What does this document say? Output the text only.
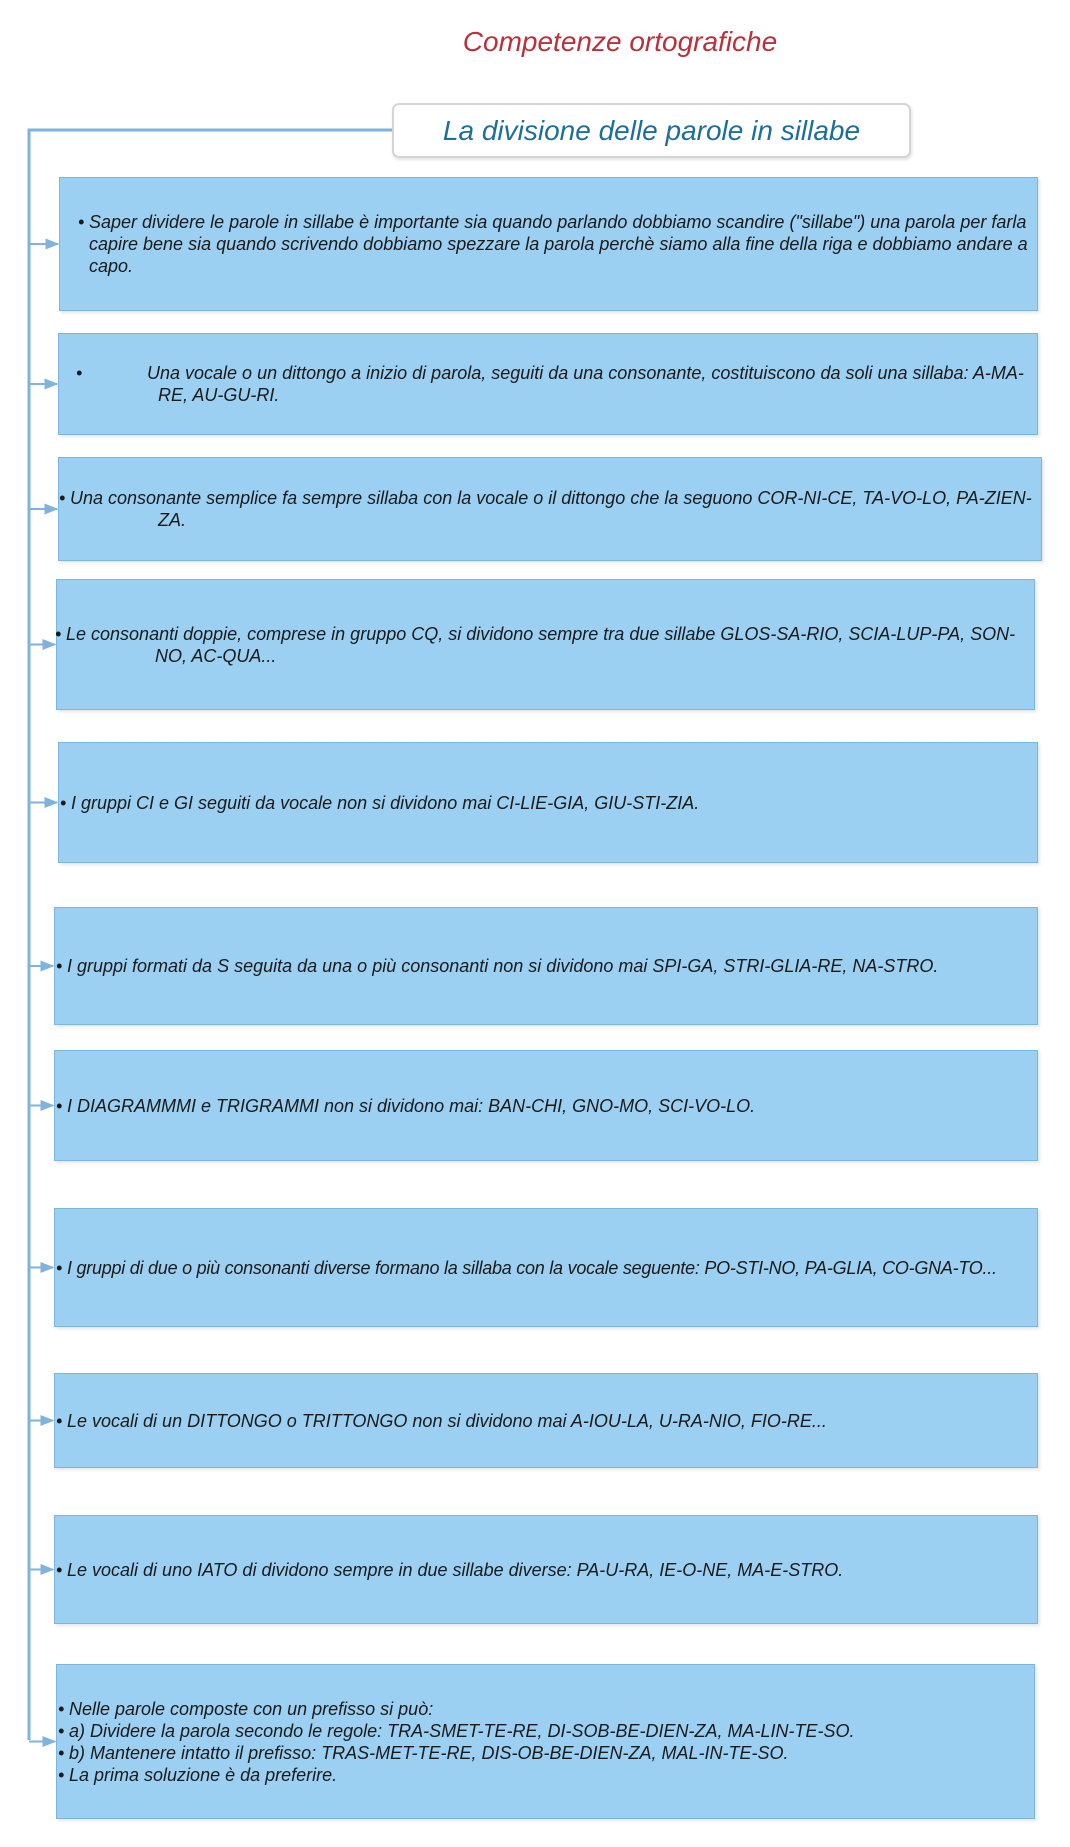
Competenze ortografiche
La divisione delle parole in sillabe
• Saper dividere le parole in sillabe è importante sia quando parlando dobbiamo scandire ("sillabe") una parola per farla capire bene sia quando scrivendo dobbiamo spezzare la parola perchè siamo alla fine della riga e dobbiamo andare a capo.
•	Una vocale o un dittongo a inizio di parola, seguiti da una consonante, costituiscono da soli una sillaba: A-MA-RE, AU-GU-RI.
• Una consonante semplice fa sempre sillaba con la vocale o il dittongo che la seguono COR-NI-CE, TA-VO-LO, PA-ZIEN-ZA.
• Le consonanti doppie, comprese in gruppo CQ, si dividono sempre tra due sillabe GLOS-SA-RIO, SCIA-LUP-PA, SON-NO, AC-QUA...
• I gruppi CI e GI seguiti da vocale non si dividono mai CI-LIE-GIA, GIU-STI-ZIA.
• I gruppi formati da S seguita da una o più consonanti non si dividono mai SPI-GA, STRI-GLIA-RE, NA-STRO.
• I DIAGRAMMMI e TRIGRAMMI non si dividono mai: BAN-CHI, GNO-MO, SCI-VO-LO.
• I gruppi di due o più consonanti diverse formano la sillaba con la vocale seguente: PO-STI-NO, PA-GLIA, CO-GNA-TO...
• Le vocali di un DITTONGO o TRITTONGO non si dividono mai A-IOU-LA, U-RA-NIO, FIO-RE...
• Le vocali di uno IATO di dividono sempre in due sillabe diverse: PA-U-RA, IE-O-NE, MA-E-STRO.
• Nelle parole composte con un prefisso si può:
• a) Dividere la parola secondo le regole: TRA-SMET-TE-RE, DI-SOB-BE-DIEN-ZA, MA-LIN-TE-SO.
• b) Mantenere intatto il prefisso: TRAS-MET-TE-RE, DIS-OB-BE-DIEN-ZA, MAL-IN-TE-SO.
• La prima soluzione è da preferire.
